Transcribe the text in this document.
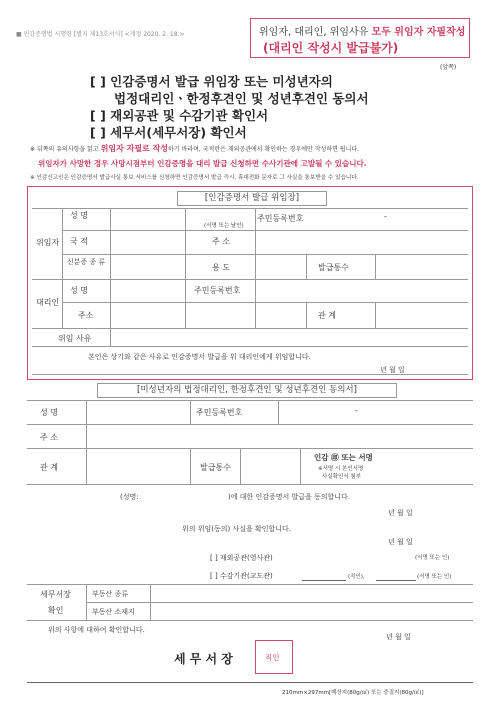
■ 인감증명법 시행령 [별지 제13호서식] <개정 2020. 2. 18.>	위임자, 대리인, 위임사유 모두 위임자 자필작성
(대리인 작성시 발급불가)
(앞쪽)
[ ] 인감증명서 발급 위임장 또는 미성년자의
법정대리인ㆍ한정후견인 및 성년후견인 동의서
[ ] 재외공관 및 수감기관 확인서
[ ] 세무서(세무서장) 확인서
※ 뒤쪽의 유의사항을 읽고 위임자 자필로 작성하기 바라며, 국적란은 재외공관에서 확인하는 경우에만 작성하면 됩니다.
위임자가 사망한 경우 사망시점부터 인감증명을 대리 발급 신청하면 수사기관에 고발될 수 있습니다.
※ 인감신고인은 인감증명서 발급사실 통보 서비스를 신청하면 인감증명서 발급 즉시, 휴대전화 문자로 그 사실을 통보받을 수 있습니다.
[인감증명서 발급 위임장]
위임자
성 명
(서명 또는 날인)
주민등록번호	-
국 적	주 소
신분증 종 류
용 도	발급통수
대리인
성 명	주민등록번호
주소	관 계
위임 사유
본인은 상기와 같은 사유로 인감증명서 발급을 위 대리인에게 위임합니다.
년 월 일
[미성년자의 법정대리인, 한정후견인 및 성년후견인 동의서]
성 명	주민등록번호	-
주 소
관 계	발급통수
인감 ㊞ 또는 서명
※서명 시 본인서명
사실확인서 첨부
(성명:	)에 대한 인감증명서 발급을 동의합니다.
년 월 일
위의 위임(동의) 사실을 확인합니다.
년 월 일
[ ] 재외공관(영사관)	(서명 또는 인)
[ ] 수감기관(교도관)	(직인),	(서명 또는 인)
세무서장
확인
부동산 종류
부동산 소재지
위의 사항에 대하여 확인합니다.
년 월 일
세 무 서 장	직인
210mm×297mm[백상지(80g/㎡) 또는 중질지(80g/㎡)]
